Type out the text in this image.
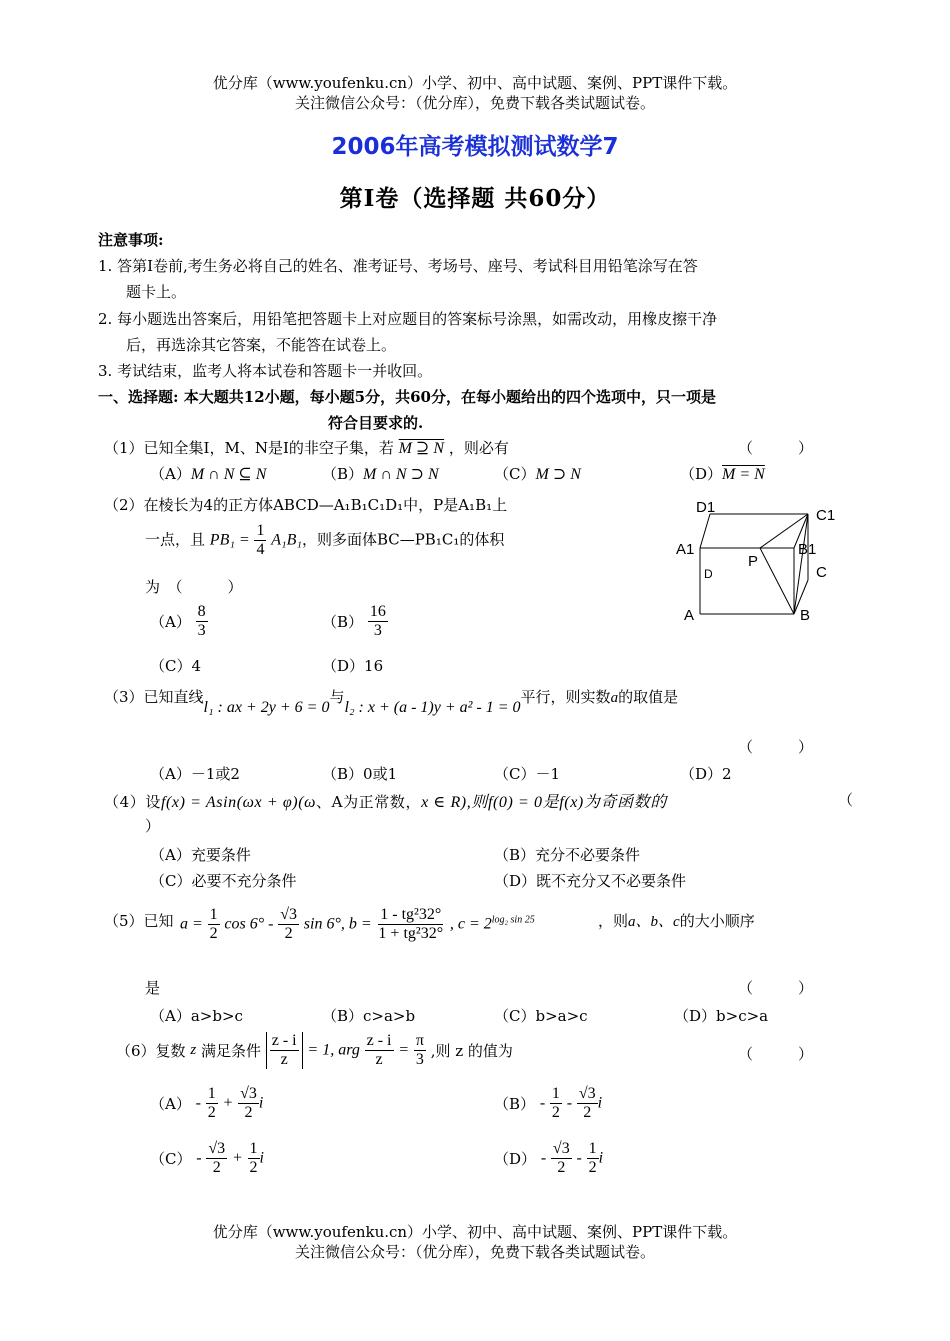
优分库（www.youfenku.cn）小学、初中、高中试题、案例、PPT课件下载。
关注微信公众号：（优分库），免费下载各类试题试卷。
2006年高考模拟测试数学7
第Ⅰ卷（选择题 共60分）
注意事项:
1. 答第Ⅰ卷前,考生务必将自己的姓名、准考证号、考场号、座号、考试科目用铅笔涂写在答
题卡上。
2. 每小题选出答案后，用铅笔把答题卡上对应题目的答案标号涂黑，如需改动，用橡皮擦干净
后，再选涂其它答案，不能答在试卷上。
3. 考试结束，监考人将本试卷和答题卡一并收回。
一、选择题: 本大题共12小题，每小题5分，共60分，在每小题给出的四个选项中，只一项是
符合目要求的.
（1）已知全集Ⅰ，M、N是Ⅰ的非空子集，若 M ⊇ N ，则必有	（　　　）
（A）M ∩ N ⊆ N	（B）M ∩ N ⊃ N	（C）M ⊃ N	（D）M = N
（2）在棱长为4的正方体ABCD—A₁B₁C₁D₁中，P是A₁B₁上
一点，且 $PB_1 = \frac{1}{4} A_1B_1$，则多面体BC—PB₁C₁的体积
为　（　　　）
$(A) \frac{8}{3}$	$(B) \frac{16}{3}$
（C）4	（D）16
D1	C1
A1	B1
D
P
C
A	B
（3）已知直线l₁ : ax + 2y + 6 = 0与l₂ : x + (a - 1)y + a² - 1 = 0平行，则实数a的取值是
（　　　）
（A）－1或2	（B）0或1	（C）－1	（D）2
（4）设f(x) = Asin(ωx + φ)(ω、A为正常数，x ∈ R),则f(0) = 0是f(x)为奇函数的	（
）
（A）充要条件	（B）充分不必要条件
（C）必要不充分条件	（D）既不充分又不必要条件
（5）已知 $a = \frac{1}{2}$ $\cos 6^\circ - \frac{√3}{2}$ sin 6°, $b = \frac{\text{1 - tg²32°}}{\text{1 + tg²32°}}$ , $c = 2^{log_2 sin 25}$	，则a、b、c的大小顺序
是	（　　　）
（A）a>b>c	（B）c>a>b	（C）b>a>c	（D）b>c>a
（6）复数 z 满足条件 $\frac{z - i}{z} = 1$, arg $\frac{z - i}{z} = \frac{\pi}{3}$ ,则 z 的值为	（　　　）
$(A) - \frac{1}{2} + \frac{√3}{2}$ i	$(B) - \frac{1}{2} - \frac{√3}{2}$ i
$(C) - \frac{√3}{2} + \frac{1}{2}$ i	$(D) - \frac{√3}{2} - \frac{1}{2}$ i
优分库（www.youfenku.cn）小学、初中、高中试题、案例、PPT课件下载。
关注微信公众号：（优分库），免费下载各类试题试卷。
